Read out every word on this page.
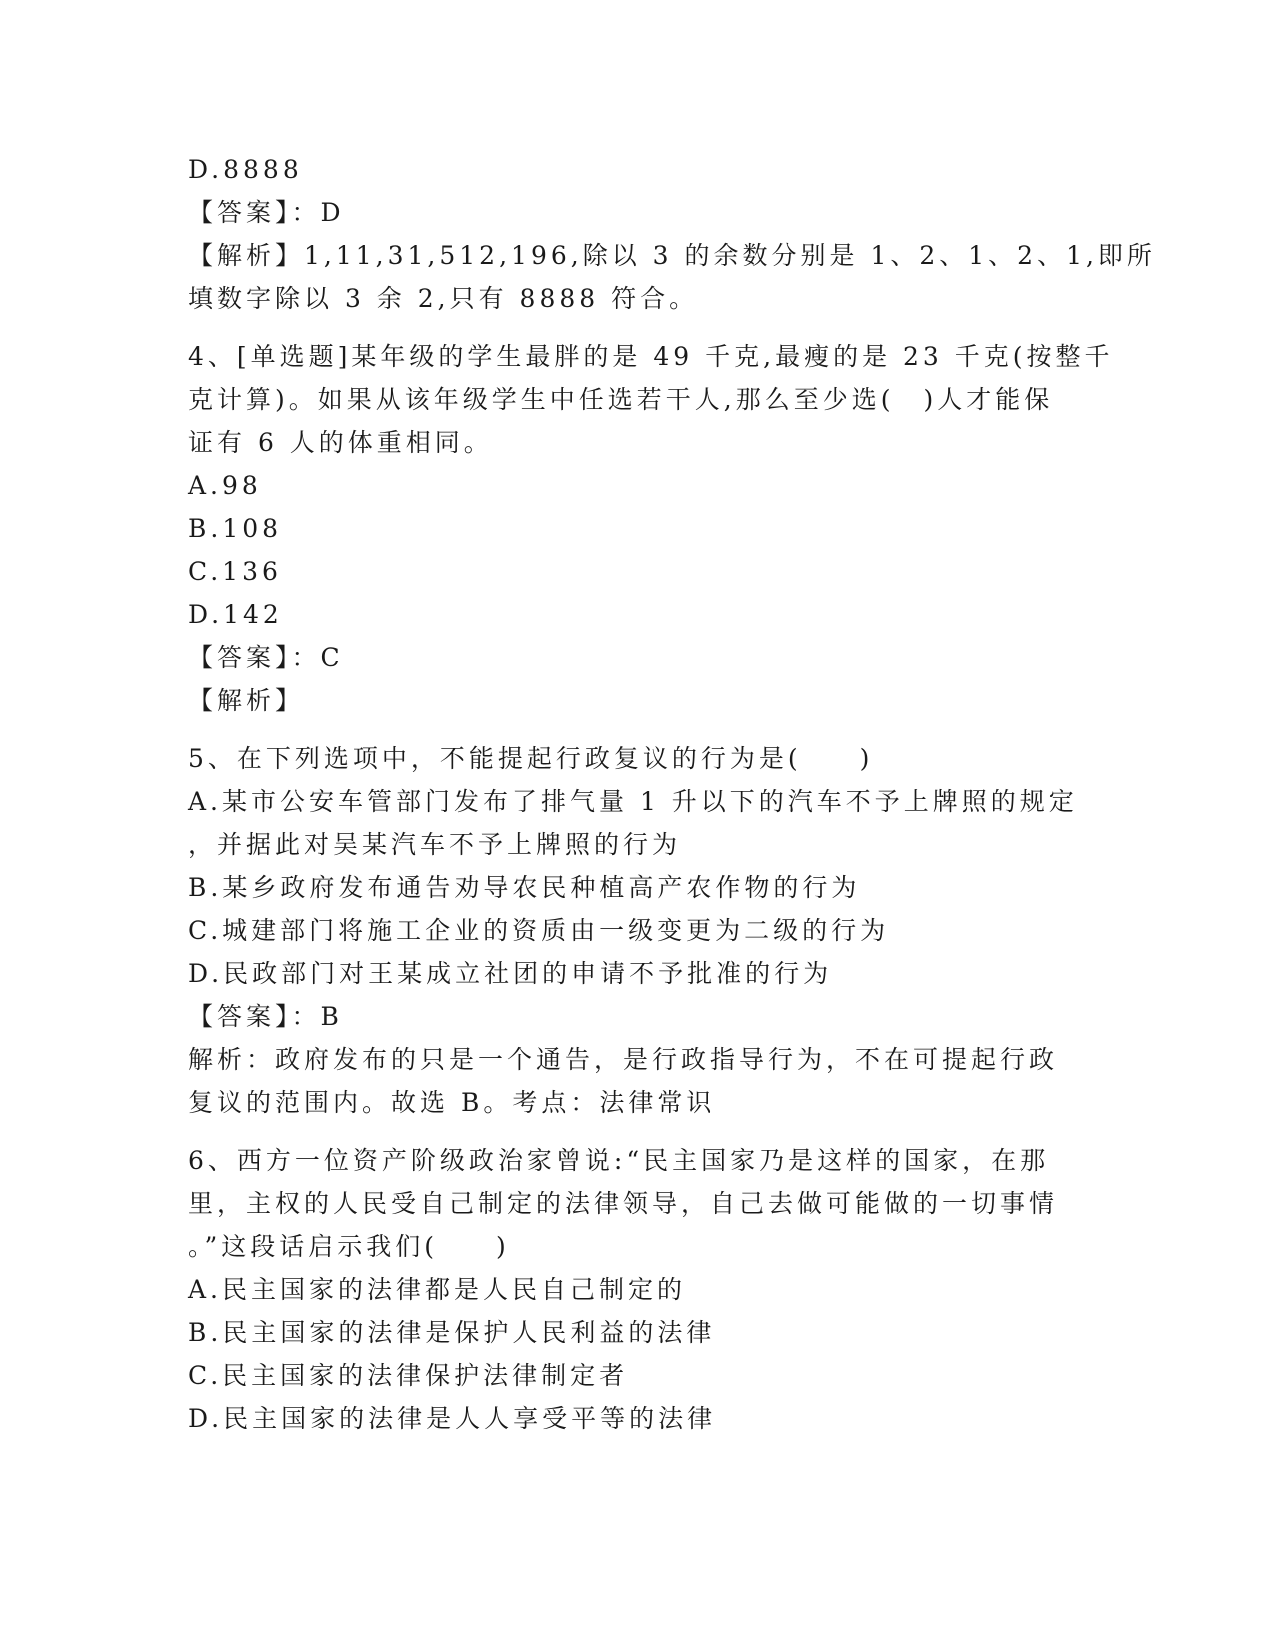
D.8888
【答案】：D
【解析】1,11,31,512,196,除以 3 的余数分别是 1、2、1、2、1,即所
填数字除以 3 余 2,只有 8888 符合。
4、[单选题]某年级的学生最胖的是 49 千克,最瘦的是 23 千克(按整千
克计算)。如果从该年级学生中任选若干人,那么至少选(　)人才能保
证有 6 人的体重相同。
A.98
B.108
C.136
D.142
【答案】：C
【解析】
5、在下列选项中，不能提起行政复议的行为是(　　)
A.某市公安车管部门发布了排气量 1 升以下的汽车不予上牌照的规定
，并据此对吴某汽车不予上牌照的行为
B.某乡政府发布通告劝导农民种植高产农作物的行为
C.城建部门将施工企业的资质由一级变更为二级的行为
D.民政部门对王某成立社团的申请不予批准的行为
【答案】：B
解析：政府发布的只是一个通告，是行政指导行为，不在可提起行政
复议的范围内。故选 B。考点：法律常识
6、西方一位资产阶级政治家曾说:“民主国家乃是这样的国家，在那
里，主权的人民受自己制定的法律领导，自己去做可能做的一切事情
。”这段话启示我们(　　)
A.民主国家的法律都是人民自己制定的
B.民主国家的法律是保护人民利益的法律
C.民主国家的法律保护法律制定者
D.民主国家的法律是人人享受平等的法律
